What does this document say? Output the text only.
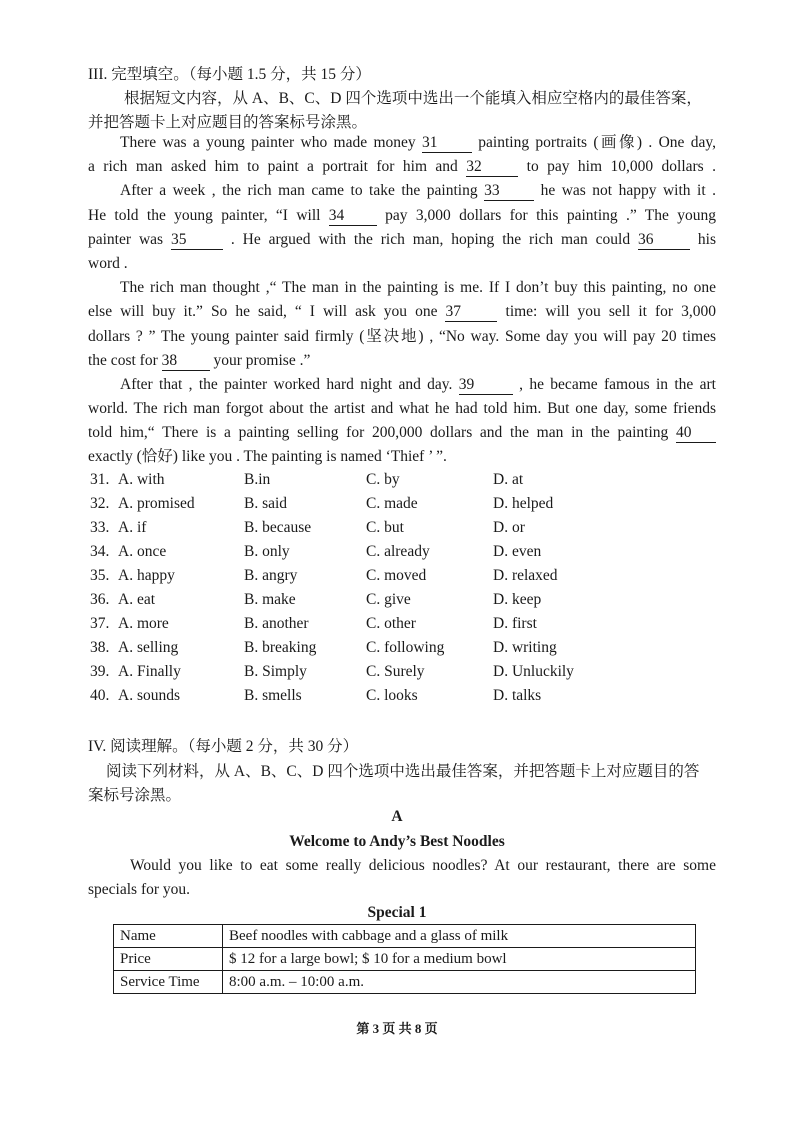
III. 完型填空。（每小题 1.5 分，共 15 分）
根据短文内容，从 A、B、C、D 四个选项中选出一个能填入相应空格内的最佳答案，
并把答题卡上对应题目的答案标号涂黑。
There was a young painter who made money 31 painting portraits (画像) . One day,
a rich man asked him to paint a portrait for him and 32 to pay him 10,000 dollars .
After a week , the rich man came to take the painting 33 he was not happy with it .
He told the young painter, “I will 34 pay 3,000 dollars for this painting .” The young
painter was 35 . He argued with the rich man, hoping the rich man could 36 his
word .
The rich man thought ,“ The man in the painting is me. If I don’t buy this painting, no one
else will buy it.” So he said, “ I will ask you one 37 time: will you sell it for 3,000
dollars ? ” The young painter said firmly (坚决地) , “No way. Some day you will pay 20 times
the cost for 38 your promise .”
After that , the painter worked hard night and day. 39 , he became famous in the art
world. The rich man forgot about the artist and what he had told him. But one day, some friends
told him,“ There is a painting selling for 200,000 dollars and the man in the painting 40
exactly (恰好) like you . The painting is named ‘Thief ’ ”.
31. A. with	B.in	C. by	D. at
32. A. promised	B. said	C. made	D. helped
33. A. if	B. because	C. but	D. or
34. A. once	B. only	C. already	D. even
35. A. happy	B. angry	C. moved	D. relaxed
36. A. eat	B. make	C. give	D. keep
37. A. more	B. another	C. other	D. first
38. A. selling	B. breaking	C. following	D. writing
39. A. Finally	B. Simply	C. Surely	D. Unluckily
40. A. sounds	B. smells	C. looks	D. talks
IV. 阅读理解。（每小题 2 分，共 30 分）
阅读下列材料，从 A、B、C、D 四个选项中选出最佳答案，并把答题卡上对应题目的答
案标号涂黑。
A
Welcome to Andy’s Best Noodles
Would you like to eat some really delicious noodles? At our restaurant, there are some
specials for you.
Special 1
Name	Beef noodles with cabbage and a glass of milk
Price	$ 12 for a large bowl; $ 10 for a medium bowl
Service Time	8:00 a.m. – 10:00 a.m.
第 3 页 共 8 页
